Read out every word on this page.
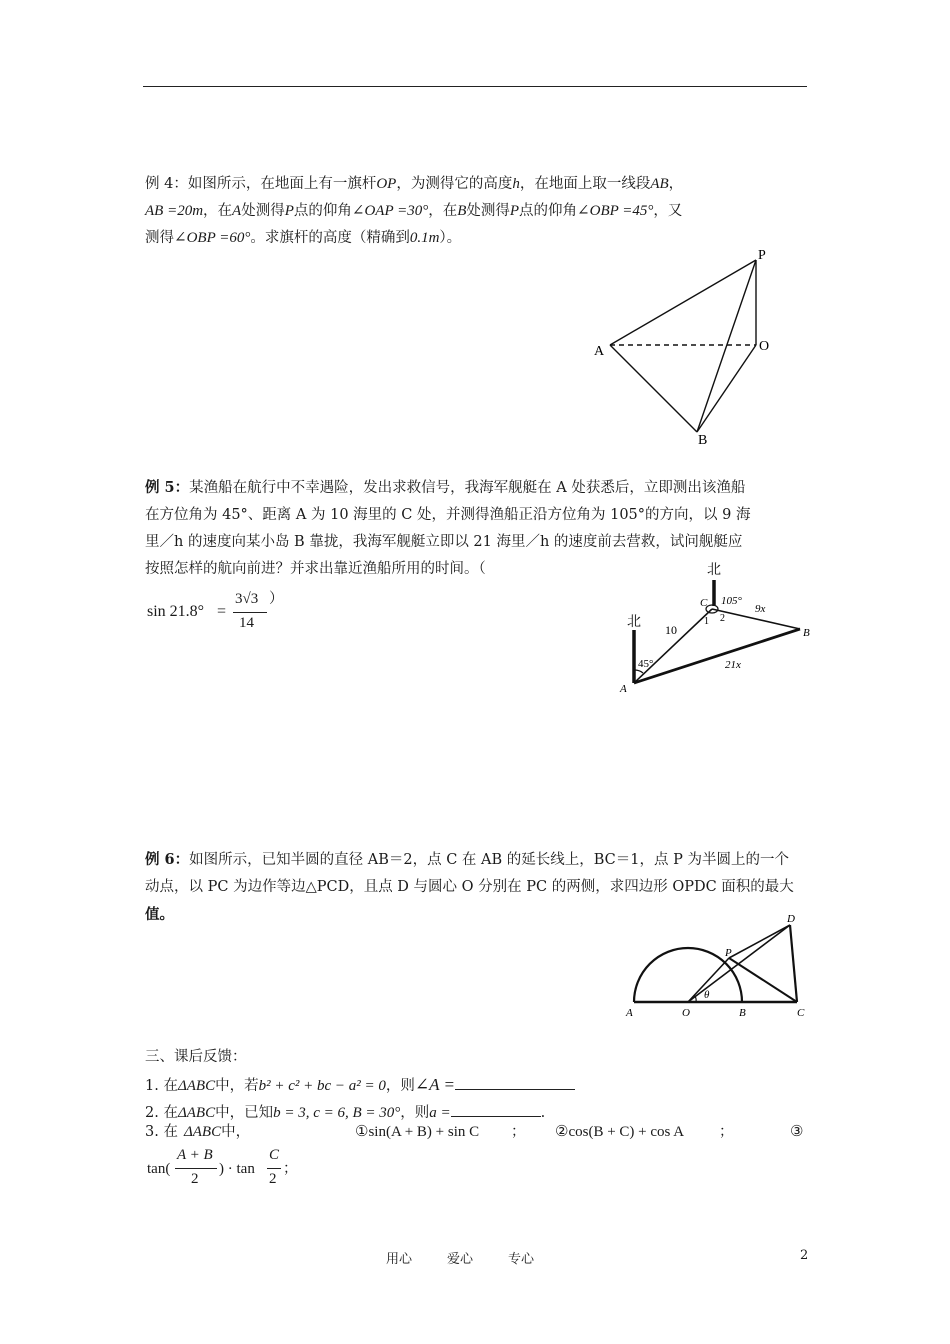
例 4：如图所示，在地面上有一旗杆OP，为测得它的高度h，在地面上取一线段AB，
AB =20m，在A处测得P点的仰角∠OAP =30°，在B处测得P点的仰角∠OBP =45°，又
测得∠OBP =60°。求旗杆的高度（精确到0.1m）。
P
O
A
B
例 5：某渔船在航行中不幸遇险，发出求救信号，我海军舰艇在 A 处获悉后，立即测出该渔船
在方位角为 45°、距离 A 为 10 海里的 C 处，并测得渔船正沿方位角为 105°的方向，以 9 海
里／h 的速度向某小岛 B 靠拢，我海军舰艇立即以 21 海里／h 的速度前去营救，试问舰艇应
按照怎样的航向前进？并求出靠近渔船所用的时间。（
sin 21.8° =
3√3
14
）
北
北
105°
45°
10
9x
21x
A
B
C
1 2
例 6：如图所示，已知半圆的直径 AB＝2，点 C 在 AB 的延长线上，BC＝1，点 P 为半圆上的一个
动点，以 PC 为边作等边△PCD，且点 D 与圆心 O 分别在 PC 的两侧，求四边形 OPDC 面积的最大
值。
A	O	B	C
P
D
θ
三、课后反馈：
1. 在ΔABC中，若b² + c² + bc − a² = 0，则∠A =
2. 在ΔABC中，已知b = 3, c = 6, B = 30°，则a =	.
3. 在 ΔABC中，	①sin(A + B) + sin C ； ②cos(B + C) + cos A ；	③
tan(
A + B
2
) · tan
C
2
；
用心	爱心	专心	2
